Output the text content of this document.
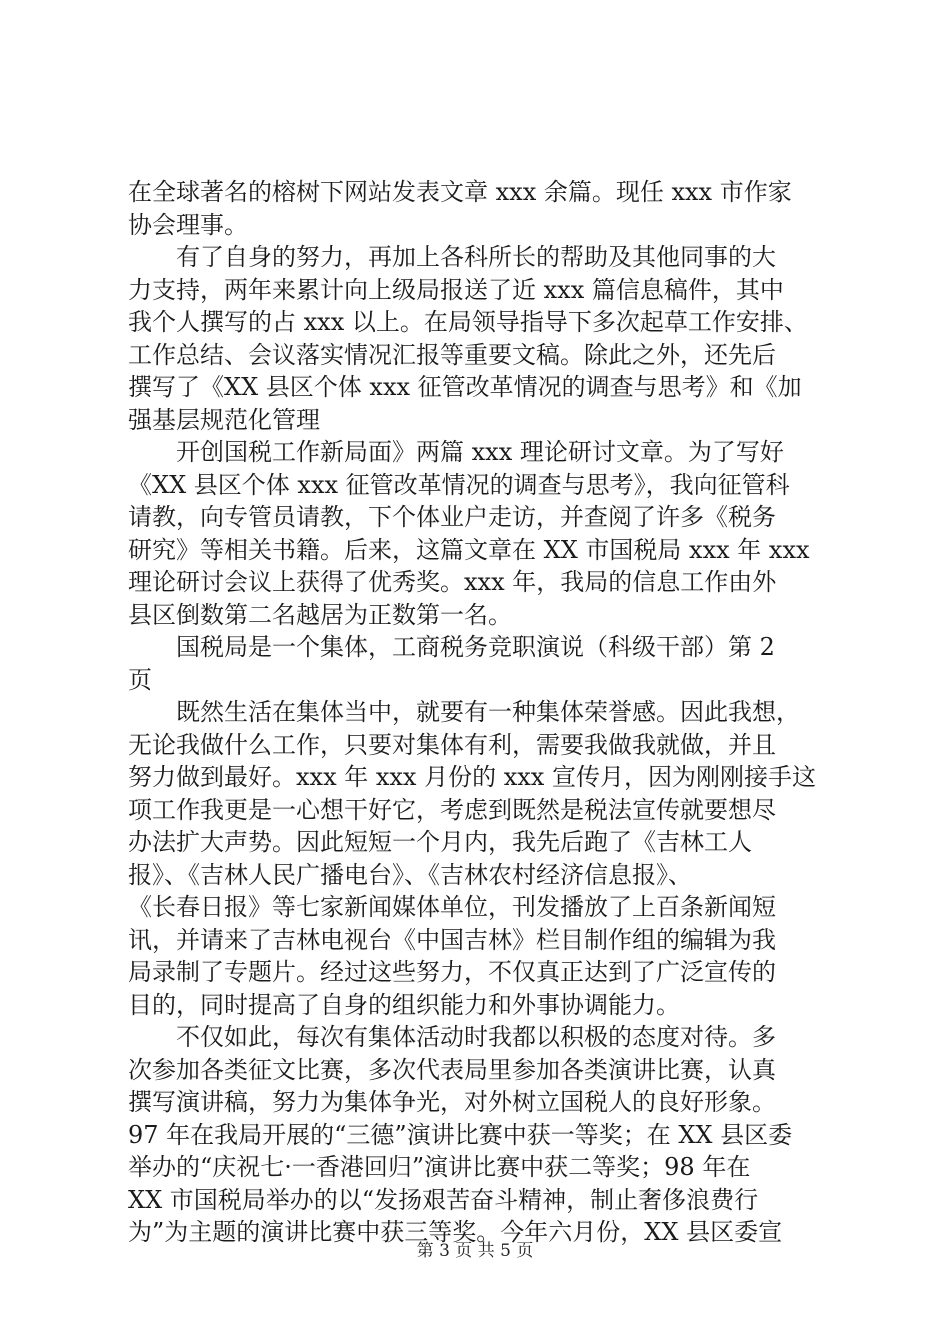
在全球著名的榕树下网站发表文章 xxx 余篇。现任 xxx 市作家
协会理事。
　　有了自身的努力，再加上各科所长的帮助及其他同事的大
力支持，两年来累计向上级局报送了近 xxx 篇信息稿件，其中
我个人撰写的占 xxx 以上。在局领导指导下多次起草工作安排、
工作总结、会议落实情况汇报等重要文稿。除此之外，还先后
撰写了《XX 县区个体 xxx 征管改革情况的调查与思考》和《加
强基层规范化管理
　　开创国税工作新局面》两篇 xxx 理论研讨文章。为了写好
《XX 县区个体 xxx 征管改革情况的调查与思考》，我向征管科
请教，向专管员请教，下个体业户走访，并查阅了许多《税务
研究》等相关书籍。后来，这篇文章在 XX 市国税局 xxx 年 xxx
理论研讨会议上获得了优秀奖。xxx 年，我局的信息工作由外
县区倒数第二名越居为正数第一名。
　　国税局是一个集体，工商税务竞职演说（科级干部）第 2
页
　　既然生活在集体当中，就要有一种集体荣誉感。因此我想，
无论我做什么工作，只要对集体有利，需要我做我就做，并且
努力做到最好。xxx 年 xxx 月份的 xxx 宣传月，因为刚刚接手这
项工作我更是一心想干好它，考虑到既然是税法宣传就要想尽
办法扩大声势。因此短短一个月内，我先后跑了《吉林工人
报》、《吉林人民广播电台》、《吉林农村经济信息报》、
《长春日报》等七家新闻媒体单位，刊发播放了上百条新闻短
讯，并请来了吉林电视台《中国吉林》栏目制作组的编辑为我
局录制了专题片。经过这些努力，不仅真正达到了广泛宣传的
目的，同时提高了自身的组织能力和外事协调能力。
　　不仅如此，每次有集体活动时我都以积极的态度对待。多
次参加各类征文比赛，多次代表局里参加各类演讲比赛，认真
撰写演讲稿，努力为集体争光，对外树立国税人的良好形象。
97 年在我局开展的“三德”演讲比赛中获一等奖；在 XX 县区委
举办的“庆祝七·一香港回归”演讲比赛中获二等奖；98 年在
XX 市国税局举办的以“发扬艰苦奋斗精神，制止奢侈浪费行
为”为主题的演讲比赛中获三等奖。今年六月份，XX 县区委宣
第 3 页 共 5 页
